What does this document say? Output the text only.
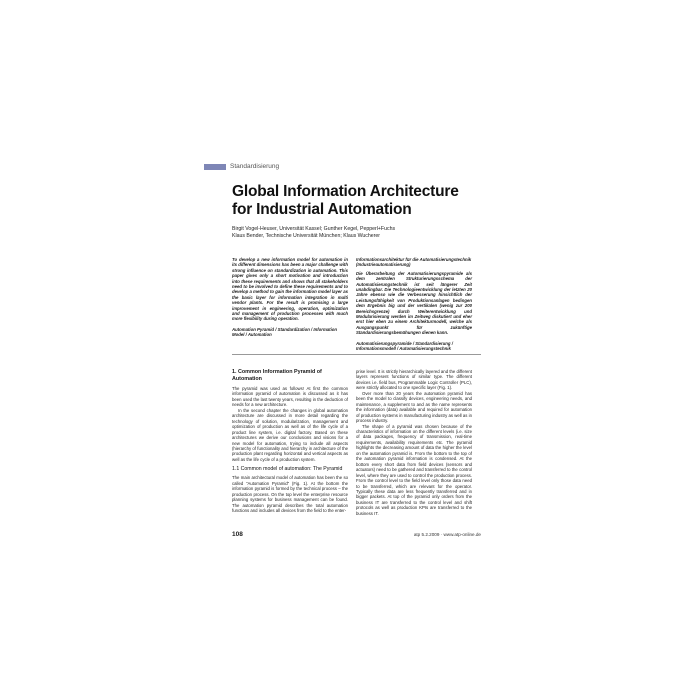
Standardisierung
Global Information Architecture
for Industrial Automation
Birgit Vogel-Heuser, Universität Kassel; Gunther Kegel, Pepperl+Fuchs
Klaus Bender, Technische Universität München; Klaus Wucherer
To develop a new information model for automation in its different dimensions has been a major challenge with strong influence on standardization in automation. This paper gives only a short motivation and introduction into these requirements and shows that all stakeholders need to be involved to define these requirements and to develop a method to gain the information model layer as the basic layer for information integration in multi vendor plants. For the result is promising a large improvement in engineering, operation, optimization and management of production processes with much more flexibility during operation.
Automation Pyramid / Standardization / Information Model / Automation
Informationsarchitektur für die Automatisierungstechnik (Industrieautomatisierung)
Die Überarbeitung der Automatisierungspyramide als dem zentralen Strukturierungsschema der Automatisierungstechnik ist seit längerer Zeit unabdingbar. Die Technologieentwicklung der letzten 20 Jahre ebenso wie die Verbesserung hinsichtlich der Leistungsfähigkeit von Produktionsanlagen bedingen dem Ergebnis big und der vertikalen (wenig zur 200 Bereichsgrenze) durch Weiterentwicklung und Modularisierung werden im Zeitweg diskutiert und eher erst hier eben zu einem Architekturmodell, welche als Ausgangspunkt für zukünftige Standardisierungsbemühungen dienen kann.
Automatisierungspyramide / Standardisierung / Informationsmodell / Automatisierungstechnik
1. Common Information Pyramid of Automation
The pyramid was used as follows! At first the common information pyramid of automation is discussed as it has been used the last twenty years, resulting in the deduction of needs for a new architecture.
In the second chapter the changes in global automation architecture are discussed in more detail regarding the technology of solution, modularization, management and optimization of production as well as of the life cycle of a product line system, i.e. digital factory. Based on these architectures we derive our conclusions and visions for a new model for automation, trying to include all aspects (hierarchy of functionality and hierarchy in architecture of the production plant regarding horizontal and vertical aspects as well as the life cycle of a production system.
1.1 Common model of automation: The Pyramid
The main architectural model of automation has been the so called "Automation Pyramid" (Fig. 1). At the bottom the information pyramid is formed by the technical process – the production process. On the top level the enterprise resource planning systems for business management can be found. The automation pyramid describes the total automation functions and includes all devices from the field to the enter-
prise level. It is strictly hierarchically layered and the different layers represent functions of similar type. The different devices i.e. field bus, Programmable Logic Controller (PLC), were strictly allocated to one specific layer (Fig. 1).
Over more than 20 years the automation pyramid has been the model to classify devices, engineering needs, and maintenance, a supplement to and as the name represents the information (data) available and required for automation of production systems in manufacturing industry as well as in process industry.
The shape of a pyramid was chosen because of the characteristics of information on the different levels (i.e. size of data packages, frequency of transmission, real-time requirements, availability requirements etc. The pyramid highlights the decreasing amount of data the higher the level on the automation pyramid is. From the bottom to the top of the automation pyramid information is condensed. At the bottom every short data from field devices (sensors and actuators) need to be gathered and transferred to the control level, where they are used to control the production process. From the control level to the field level only those data need to be transferred, which are relevant for the operator. Typically these data are less frequently transferred and in bigger packets. At top of the pyramid only orders from the business IT are transferred to the control level and shift protocols as well as production KPIs are transferred to the business IT.
108	atp 5.2.2009 · www.atp-online.de
